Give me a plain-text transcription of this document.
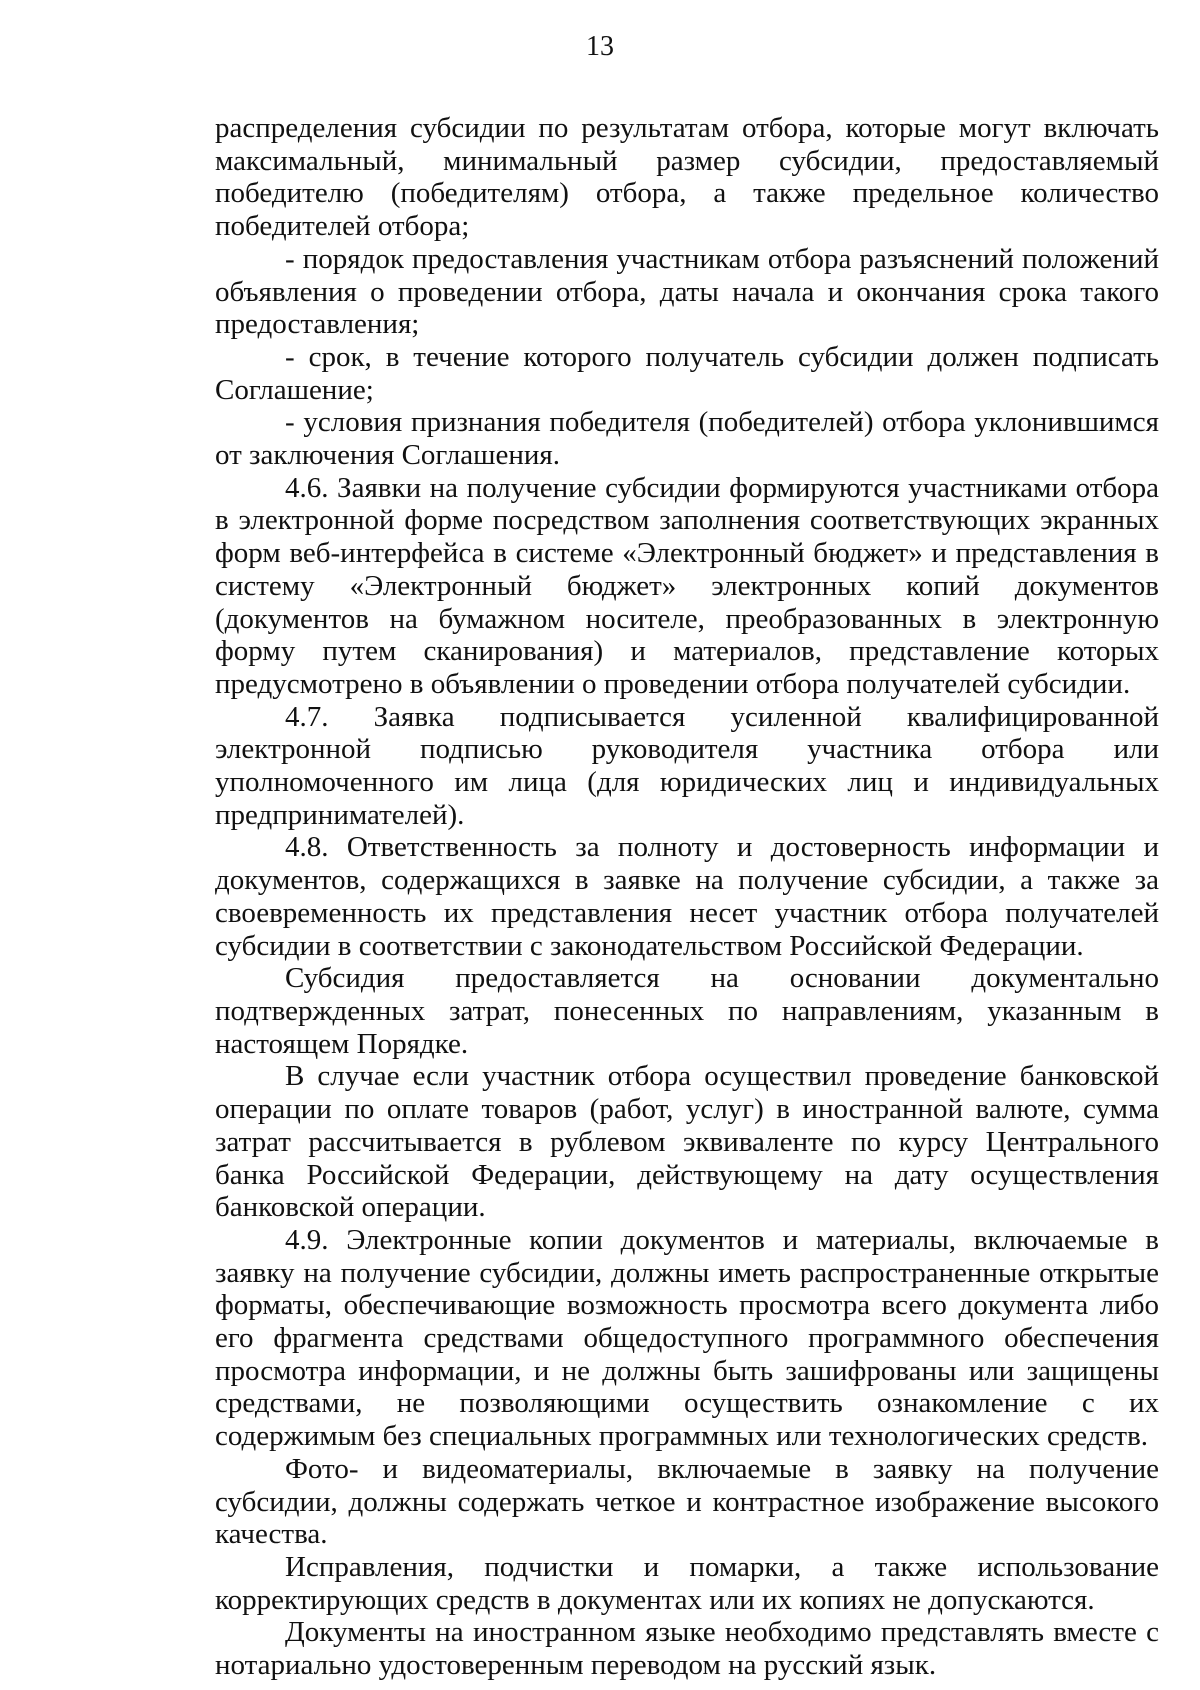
13

распределения субсидии по результатам отбора, которые могут включать максимальный, минимальный размер субсидии, предоставляемый победителю (победителям) отбора, а также предельное количество победителей отбора;

- порядок предоставления участникам отбора разъяснений положений объявления о проведении отбора, даты начала и окончания срока такого предоставления;

- срок, в течение которого получатель субсидии должен подписать Соглашение;

- условия признания победителя (победителей) отбора уклонившимся от заключения Соглашения.

4.6. Заявки на получение субсидии формируются участниками отбора в электронной форме посредством заполнения соответствующих экранных форм веб-интерфейса в системе «Электронный бюджет» и представления в систему «Электронный бюджет» электронных копий документов (документов на бумажном носителе, преобразованных в электронную форму путем сканирования) и материалов, представление которых предусмотрено в объявлении о проведении отбора получателей субсидии.

4.7. Заявка подписывается усиленной квалифицированной электронной подписью руководителя участника отбора или уполномоченного им лица (для юридических лиц и индивидуальных предпринимателей).

4.8. Ответственность за полноту и достоверность информации и документов, содержащихся в заявке на получение субсидии, а также за своевременность их представления несет участник отбора получателей субсидии в соответствии с законодательством Российской Федерации.

Субсидия предоставляется на основании документально подтвержденных затрат, понесенных по направлениям, указанным в настоящем Порядке.

В случае если участник отбора осуществил проведение банковской операции по оплате товаров (работ, услуг) в иностранной валюте, сумма затрат рассчитывается в рублевом эквиваленте по курсу Центрального банка Российской Федерации, действующему на дату осуществления банковской операции.

4.9. Электронные копии документов и материалы, включаемые в заявку на получение субсидии, должны иметь распространенные открытые форматы, обеспечивающие возможность просмотра всего документа либо его фрагмента средствами общедоступного программного обеспечения просмотра информации, и не должны быть зашифрованы или защищены средствами, не позволяющими осуществить ознакомление с их содержимым без специальных программных или технологических средств.

Фото- и видеоматериалы, включаемые в заявку на получение субсидии, должны содержать четкое и контрастное изображение высокого качества.

Исправления, подчистки и помарки, а также использование корректирующих средств в документах или их копиях не допускаются.

Документы на иностранном языке необходимо представлять вместе с нотариально удостоверенным переводом на русский язык.
